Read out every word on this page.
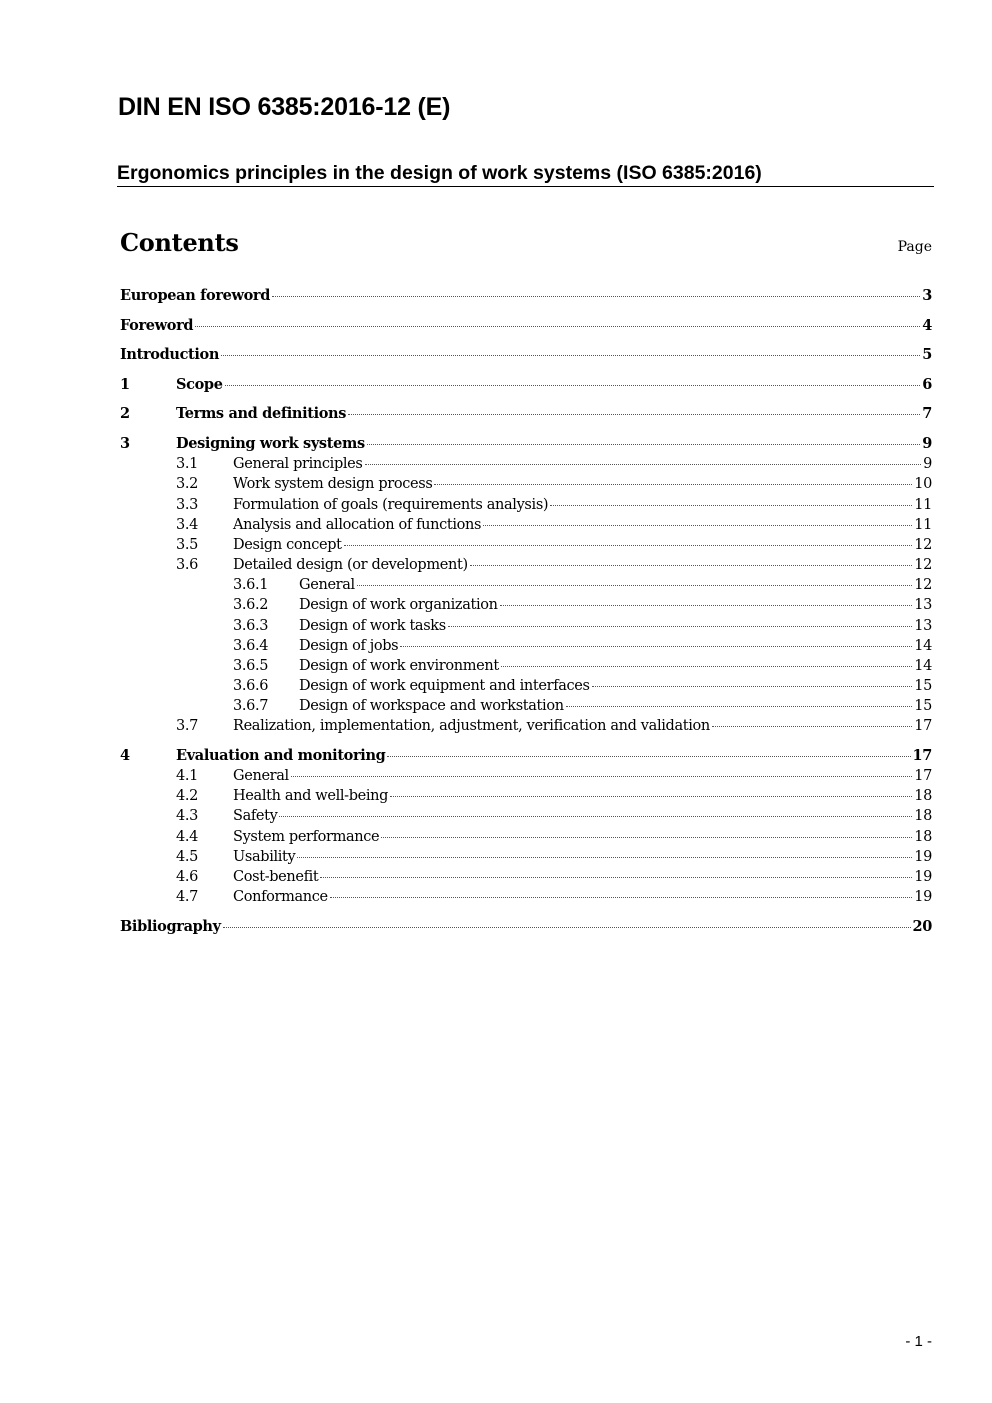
DIN EN ISO 6385:2016-12 (E)
Ergonomics principles in the design of work systems (ISO 6385:2016)
Contents	Page
European foreword	3
Foreword	4
Introduction	5
1	Scope	6
2	Terms and definitions	7
3	Designing work systems	9
3.1 General principles	9
3.2 Work system design process	10
3.3 Formulation of goals (requirements analysis)	11
3.4 Analysis and allocation of functions	11
3.5 Design concept	12
3.6 Detailed design (or development)	12
3.6.1 General	12
3.6.2 Design of work organization	13
3.6.3 Design of work tasks	13
3.6.4 Design of jobs	14
3.6.5 Design of work environment	14
3.6.6 Design of work equipment and interfaces	15
3.6.7 Design of workspace and workstation	15
3.7 Realization, implementation, adjustment, verification and validation	17
4	Evaluation and monitoring	17
4.1 General	17
4.2 Health and well-being	18
4.3 Safety	18
4.4 System performance	18
4.5 Usability	19
4.6 Cost-benefit	19
4.7 Conformance	19
Bibliography	20
- 1 -
